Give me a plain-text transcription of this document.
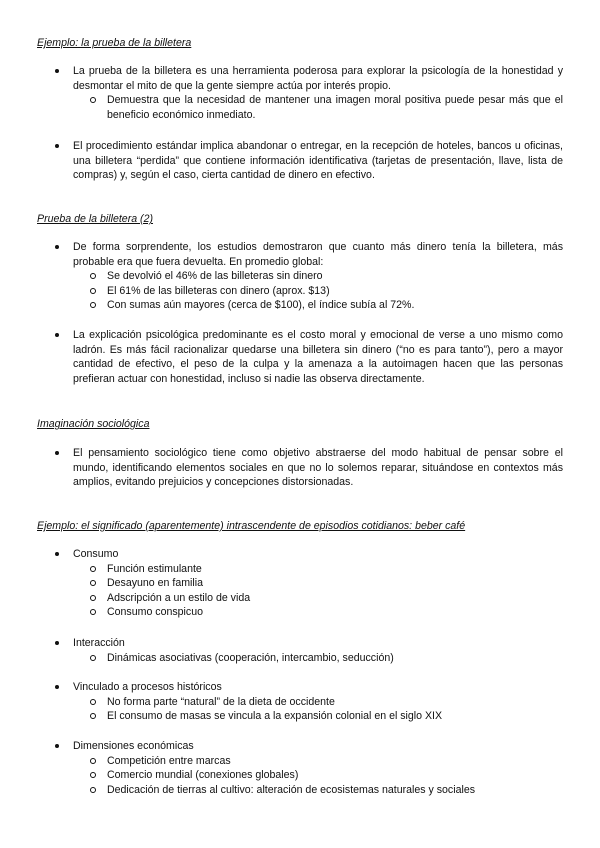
Ejemplo: la prueba de la billetera
La prueba de la billetera es una herramienta poderosa para explorar la psicología de la honestidad y desmontar el mito de que la gente siempre actúa por interés propio.
Demuestra que la necesidad de mantener una imagen moral positiva puede pesar más que el beneficio económico inmediato.
El procedimiento estándar implica abandonar o entregar, en la recepción de hoteles, bancos u oficinas, una billetera “perdida” que contiene información identificativa (tarjetas de presentación, llave, lista de compras) y, según el caso, cierta cantidad de dinero en efectivo.
Prueba de la billetera (2)
De forma sorprendente, los estudios demostraron que cuanto más dinero tenía la billetera, más probable era que fuera devuelta. En promedio global:
Se devolvió el 46% de las billeteras sin dinero
El 61% de las billeteras con dinero (aprox. $13)
Con sumas aún mayores (cerca de $100), el índice subía al 72%.
La explicación psicológica predominante es el costo moral y emocional de verse a uno mismo como ladrón. Es más fácil racionalizar quedarse una billetera sin dinero (“no es para tanto”), pero a mayor cantidad de efectivo, el peso de la culpa y la amenaza a la autoimagen hacen que las personas prefieran actuar con honestidad, incluso si nadie las observa directamente.
Imaginación sociológica
El pensamiento sociológico tiene como objetivo abstraerse del modo habitual de pensar sobre el mundo, identificando elementos sociales en que no lo solemos reparar, situándose en contextos más amplios, evitando prejuicios y concepciones distorsionadas.
Ejemplo: el significado (aparentemente) intrascendente de episodios cotidianos: beber café
Consumo
Función estimulante
Desayuno en familia
Adscripción a un estilo de vida
Consumo conspicuo
Interacción
Dinámicas asociativas (cooperación, intercambio, seducción)
Vinculado a procesos históricos
No forma parte “natural” de la dieta de occidente
El consumo de masas se vincula a la expansión colonial en el siglo XIX
Dimensiones económicas
Competición entre marcas
Comercio mundial (conexiones globales)
Dedicación de tierras al cultivo: alteración de ecosistemas naturales y sociales
